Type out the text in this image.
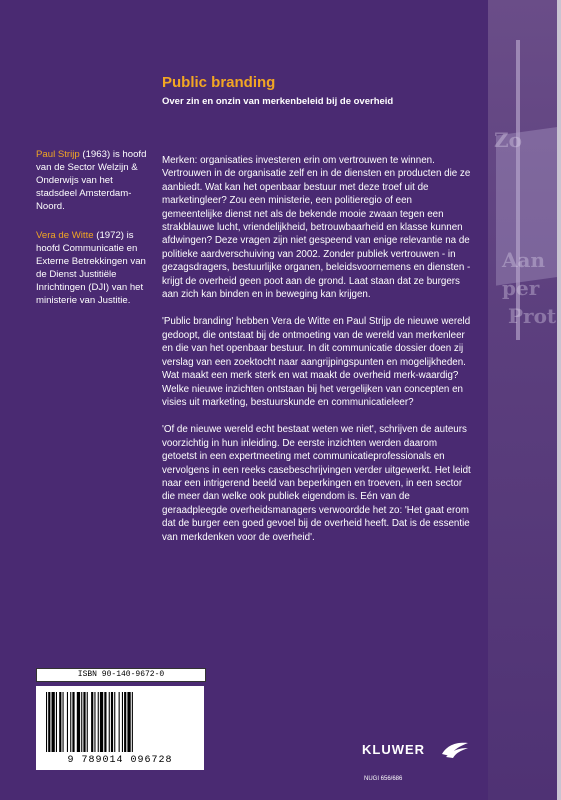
Zo
Aan
per
Prot
Public branding
Over zin en onzin van merkenbeleid bij de overheid
Paul Strijp (1963) is hoofd van de Sector Welzijn & Onderwijs van het stadsdeel Amsterdam-Noord.
Vera de Witte (1972) is hoofd Communicatie en Externe Betrekkingen van de Dienst Justitiële Inrichtingen (DJI) van het ministerie van Justitie.

Merken: organisaties investeren erin om vertrouwen te winnen. Vertrouwen in de organisatie zelf en in de diensten en producten die ze aanbiedt. Wat kan het openbaar bestuur met deze troef uit de marketingleer? Zou een ministerie, een politieregio of een gemeentelijke dienst net als de bekende mooie zwaan tegen een strakblauwe lucht, vriendelijkheid, betrouwbaarheid en klasse kunnen afdwingen? Deze vragen zijn niet gespeend van enige relevantie na de politieke aardverschuiving van 2002. Zonder publiek vertrouwen - in gezagsdragers, bestuurlijke organen, beleidsvoornemens en diensten - krijgt de overheid geen poot aan de grond. Laat staan dat ze burgers aan zich kan binden en in beweging kan krijgen.

'Public branding' hebben Vera de Witte en Paul Strijp de nieuwe wereld gedoopt, die ontstaat bij de ontmoeting van de wereld van merkenleer en die van het openbaar bestuur. In dit communicatie dossier doen zij verslag van een zoektocht naar aangrijpingspunten en mogelijkheden. Wat maakt een merk sterk en wat maakt de overheid merk-waardig? Welke nieuwe inzichten ontstaan bij het vergelijken van concepten en visies uit marketing, bestuurskunde en communicatieleer?

'Of de nieuwe wereld echt bestaat weten we niet', schrijven de auteurs voorzichtig in hun inleiding. De eerste inzichten werden daarom getoetst in een expertmeeting met communicatieprofessionals en vervolgens in een reeks casebeschrijvingen verder uitgewerkt. Het leidt naar een intrigerend beeld van beperkingen en troeven, in een sector die meer dan welke ook publiek eigendom is. Eén van de geraadpleegde overheidsmanagers verwoordde het zo: 'Het gaat erom dat de burger een goed gevoel bij de overheid heeft. Dat is de essentie van merkdenken voor de overheid'.

ISBN 90-140-9672-0
9 789014 096728
KLUWER
NUGI 656/686
